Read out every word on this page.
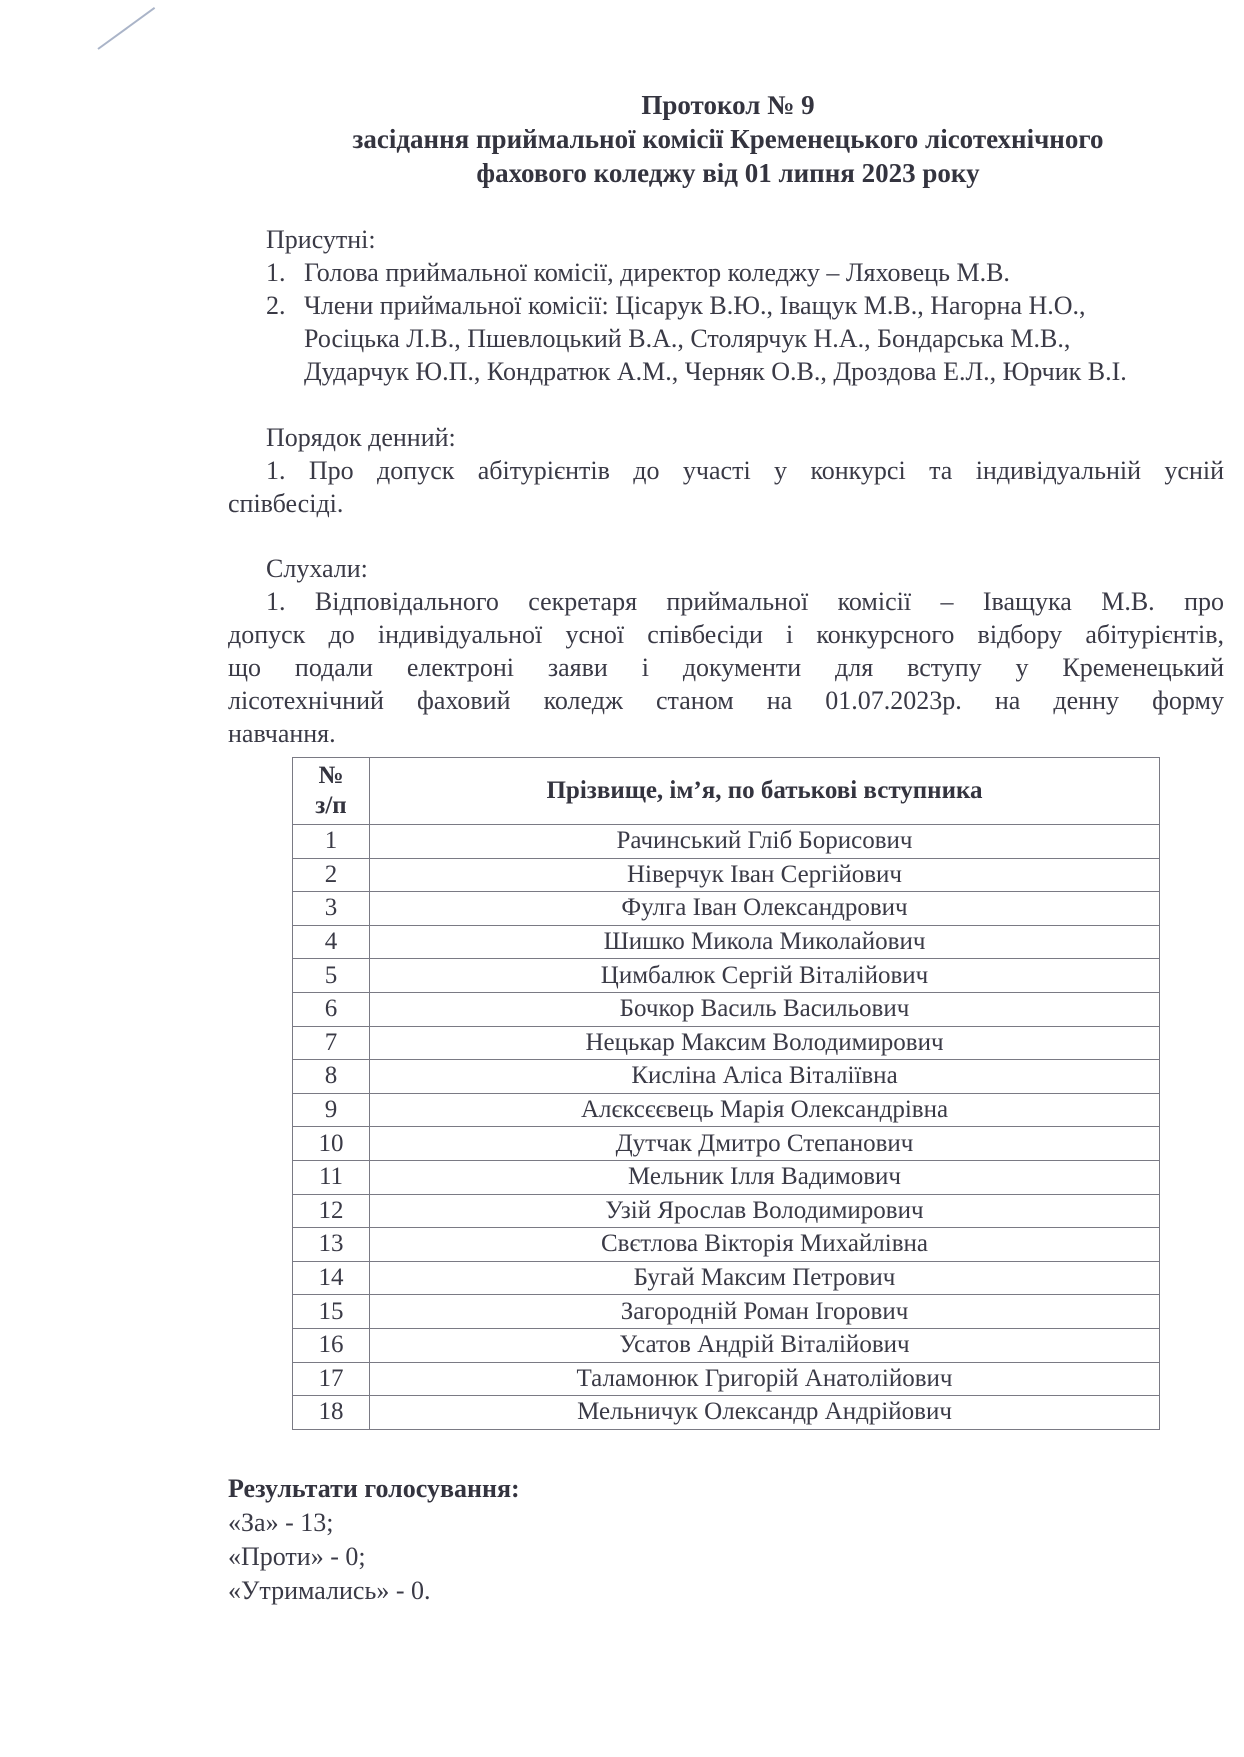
Протокол № 9
засідання приймальної комісії Кременецького лісотехнічного
фахового коледжу від 01 липня 2023 року
Присутні:
1. Голова приймальної комісії, директор коледжу – Ляховець М.В.
2. Члени приймальної комісії: Цісарук В.Ю., Іващук М.В., Нагорна Н.О.,
Росіцька Л.В., Пшевлоцький В.А., Столярчук Н.А., Бондарська М.В.,
Дударчук Ю.П., Кондратюк А.М., Черняк О.В., Дроздова Е.Л., Юрчик В.І.
Порядок денний:
1. Про допуск абітурієнтів до участі у конкурсі та індивідуальній усній
співбесіді.
Слухали:
1. Відповідального секретаря приймальної комісії – Іващука М.В. про
допуск до індивідуальної усної співбесіди і конкурсного відбору абітурієнтів,
що подали електроні заяви і документи для вступу у Кременецький
лісотехнічний фаховий коледж станом на 01.07.2023р. на денну форму
навчання.
№
з/п	Прізвище, ім’я, по батькові вступника
1	Рачинський Гліб Борисович
2	Ніверчук Іван Сергійович
3	Фулга Іван Олександрович
4	Шишко Микола Миколайович
5	Цимбалюк Сергій Віталійович
6	Бочкор Василь Васильович
7	Нецькар Максим Володимирович
8	Кисліна Аліса Віталіївна
9	Алєксєєвець Марія Олександрівна
10	Дутчак Дмитро Степанович
11	Мельник Ілля Вадимович
12	Узій Ярослав Володимирович
13	Свєтлова Вікторія Михайлівна
14	Бугай Максим Петрович
15	Загородній Роман Ігорович
16	Усатов Андрій Віталійович
17	Таламонюк Григорій Анатолійович
18	Мельничук Олександр Андрійович
Результати голосування:
«За» - 13;
«Проти» - 0;
«Утримались» - 0.
